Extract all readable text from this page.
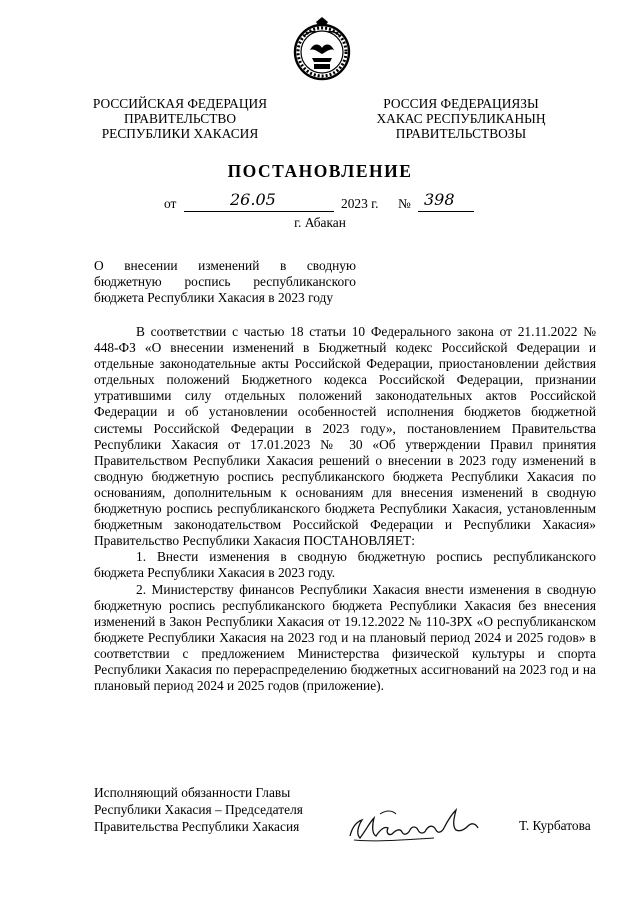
РОССИЙСКАЯ ФЕДЕРАЦИЯ
ПРАВИТЕЛЬСТВО
РЕСПУБЛИКИ ХАКАСИЯ
РОССИЯ ФЕДЕРАЦИЯЗЫ
ХАКАС РЕСПУБЛИКАНЫҢ
ПРАВИТЕЛЬСТВОЗЫ
ПОСТАНОВЛЕНИЕ
от	26.05	2023 г. № 398
г. Абакан
О внесении изменений в сводную
бюджетную роспись республиканского
бюджета Республики Хакасия в 2023 году

В соответствии с частью 18 статьи 10 Федерального закона от 21.11.2022 № 448-ФЗ «О внесении изменений в Бюджетный кодекс Российской Федерации и отдельные законодательные акты Российской Федерации, приостановлении действия отдельных положений Бюджетного кодекса Российской Федерации, признании утратившими силу отдельных положений законодательных актов Российской Федерации и об установлении особенностей исполнения бюджетов бюджетной системы Российской Федерации в 2023 году», постановлением Правительства Республики Хакасия от 17.01.2023 № 30 «Об утверждении Правил принятия Правительством Республики Хакасия решений о внесении в 2023 году изменений в сводную бюджетную роспись республиканского бюджета Республики Хакасия по основаниям, дополнительным к основаниям для внесения изменений в сводную бюджетную роспись республиканского бюджета Республики Хакасия, установленным бюджетным законодательством Российской Федерации и Республики Хакасия» Правительство Республики Хакасия ПОСТАНОВЛЯЕТ:

1. Внести изменения в сводную бюджетную роспись республиканского бюджета Республики Хакасия в 2023 году.

2. Министерству финансов Республики Хакасия внести изменения в сводную бюджетную роспись республиканского бюджета Республики Хакасия без внесения изменений в Закон Республики Хакасия от 19.12.2022 № 110-ЗРХ «О республиканском бюджете Республики Хакасия на 2023 год и на плановый период 2024 и 2025 годов» в соответствии с предложением Министерства физической культуры и спорта Республики Хакасия по перераспределению бюджетных ассигнований на 2023 год и на плановый период 2024 и 2025 годов (приложение).

Исполняющий обязанности Главы
Республики Хакасия – Председателя
Правительства Республики Хакасия	Т. Курбатова
